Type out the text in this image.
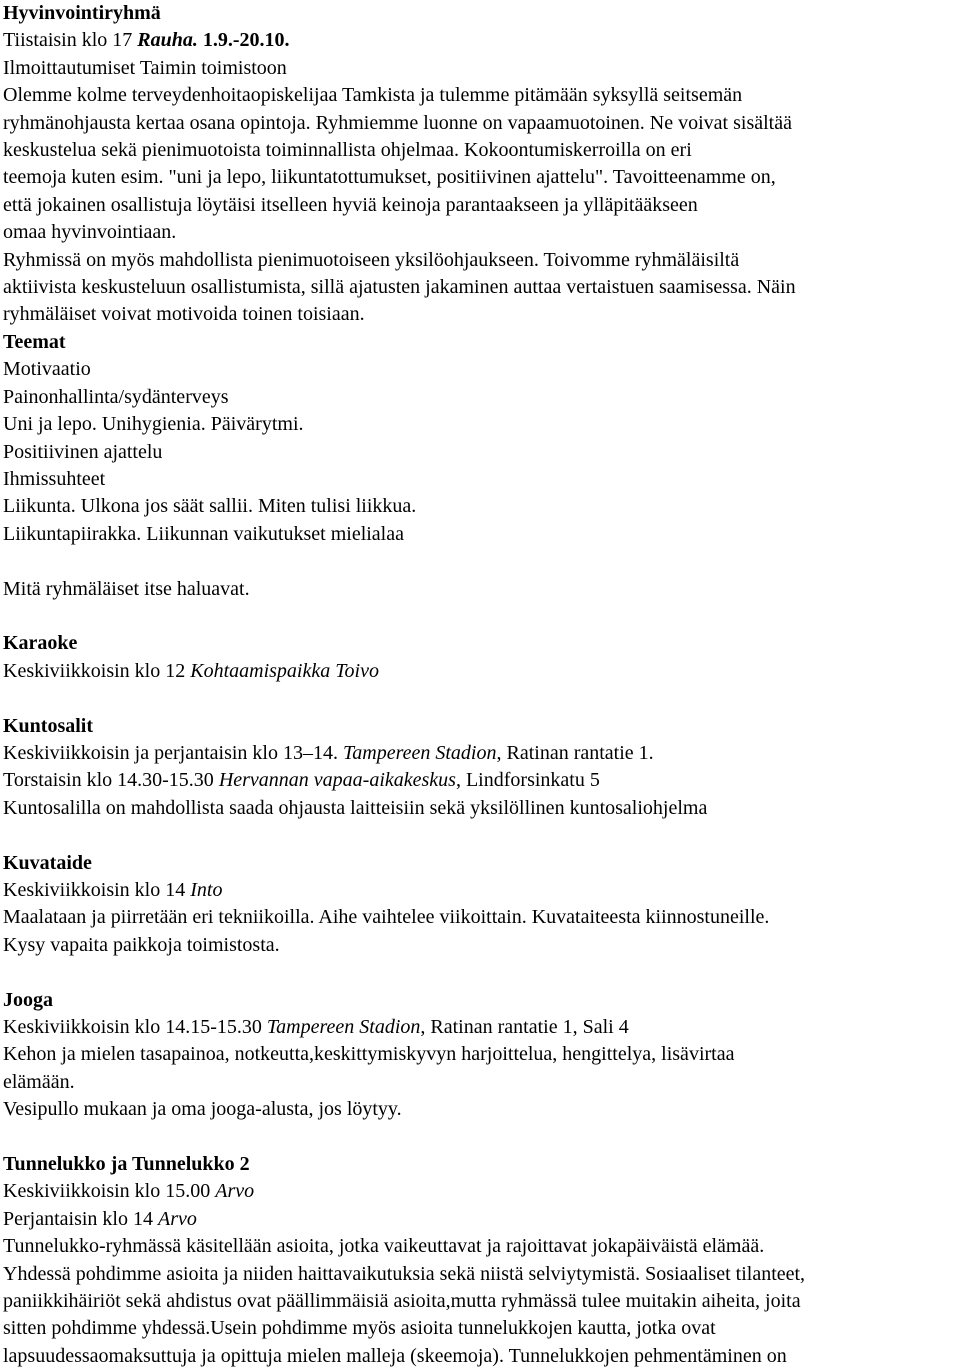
Hyvinvointiryhmä
Tiistaisin klo 17 Rauha. 1.9.-20.10.
Ilmoittautumiset Taimin toimistoon
Olemme kolme terveydenhoitaopiskelijaa Tamkista ja tulemme pitämään syksyllä seitsemän
ryhmänohjausta kertaa osana opintoja. Ryhmiemme luonne on vapaamuotoinen. Ne voivat sisältää
keskustelua sekä pienimuotoista toiminnallista ohjelmaa. Kokoontumiskerroilla on eri
teemoja kuten esim. "uni ja lepo, liikuntatottumukset, positiivinen ajattelu". Tavoitteenamme on,
että jokainen osallistuja löytäisi itselleen hyviä keinoja parantaakseen ja ylläpitääkseen
omaa hyvinvointiaan.
Ryhmissä on myös mahdollista pienimuotoiseen yksilöohjaukseen. Toivomme ryhmäläisiltä
aktiivista keskusteluun osallistumista, sillä ajatusten jakaminen auttaa vertaistuen saamisessa. Näin
ryhmäläiset voivat motivoida toinen toisiaan.
Teemat
Motivaatio
Painonhallinta/sydänterveys
Uni ja lepo. Unihygienia. Päivärytmi.
Positiivinen ajattelu
Ihmissuhteet
Liikunta. Ulkona jos säät sallii. Miten tulisi liikkua.
Liikuntapiirakka. Liikunnan vaikutukset mielialaa
Mitä ryhmäläiset itse haluavat.
Karaoke
Keskiviikkoisin klo 12 Kohtaamispaikka Toivo
Kuntosalit
Keskiviikkoisin ja perjantaisin klo 13–14. Tampereen Stadion, Ratinan rantatie 1.
Torstaisin klo 14.30-15.30 Hervannan vapaa-aikakeskus, Lindforsinkatu 5
Kuntosalilla on mahdollista saada ohjausta laitteisiin sekä yksilöllinen kuntosaliohjelma
Kuvataide
Keskiviikkoisin klo 14 Into
Maalataan ja piirretään eri tekniikoilla. Aihe vaihtelee viikoittain. Kuvataiteesta kiinnostuneille.
Kysy vapaita paikkoja toimistosta.
Jooga
Keskiviikkoisin klo 14.15-15.30 Tampereen Stadion, Ratinan rantatie 1, Sali 4
Kehon ja mielen tasapainoa, notkeutta,keskittymiskyvyn harjoittelua, hengittelya, lisävirtaa
elämään.
Vesipullo mukaan ja oma jooga-alusta, jos löytyy.
Tunnelukko ja Tunnelukko 2
Keskiviikkoisin klo 15.00 Arvo
Perjantaisin klo 14 Arvo
Tunnelukko-ryhmässä käsitellään asioita, jotka vaikeuttavat ja rajoittavat jokapäiväistä elämää.
Yhdessä pohdimme asioita ja niiden haittavaikutuksia sekä niistä selviytymistä. Sosiaaliset tilanteet,
paniikkihäiriöt sekä ahdistus ovat päällimmäisiä asioita,mutta ryhmässä tulee muitakin aiheita, joita
sitten pohdimme yhdessä.Usein pohdimme myös asioita tunnelukkojen kautta, jotka ovat
lapsuudessaomaksuttuja ja opittuja mielen malleja (skeemoja). Tunnelukkojen pehmentäminen on
